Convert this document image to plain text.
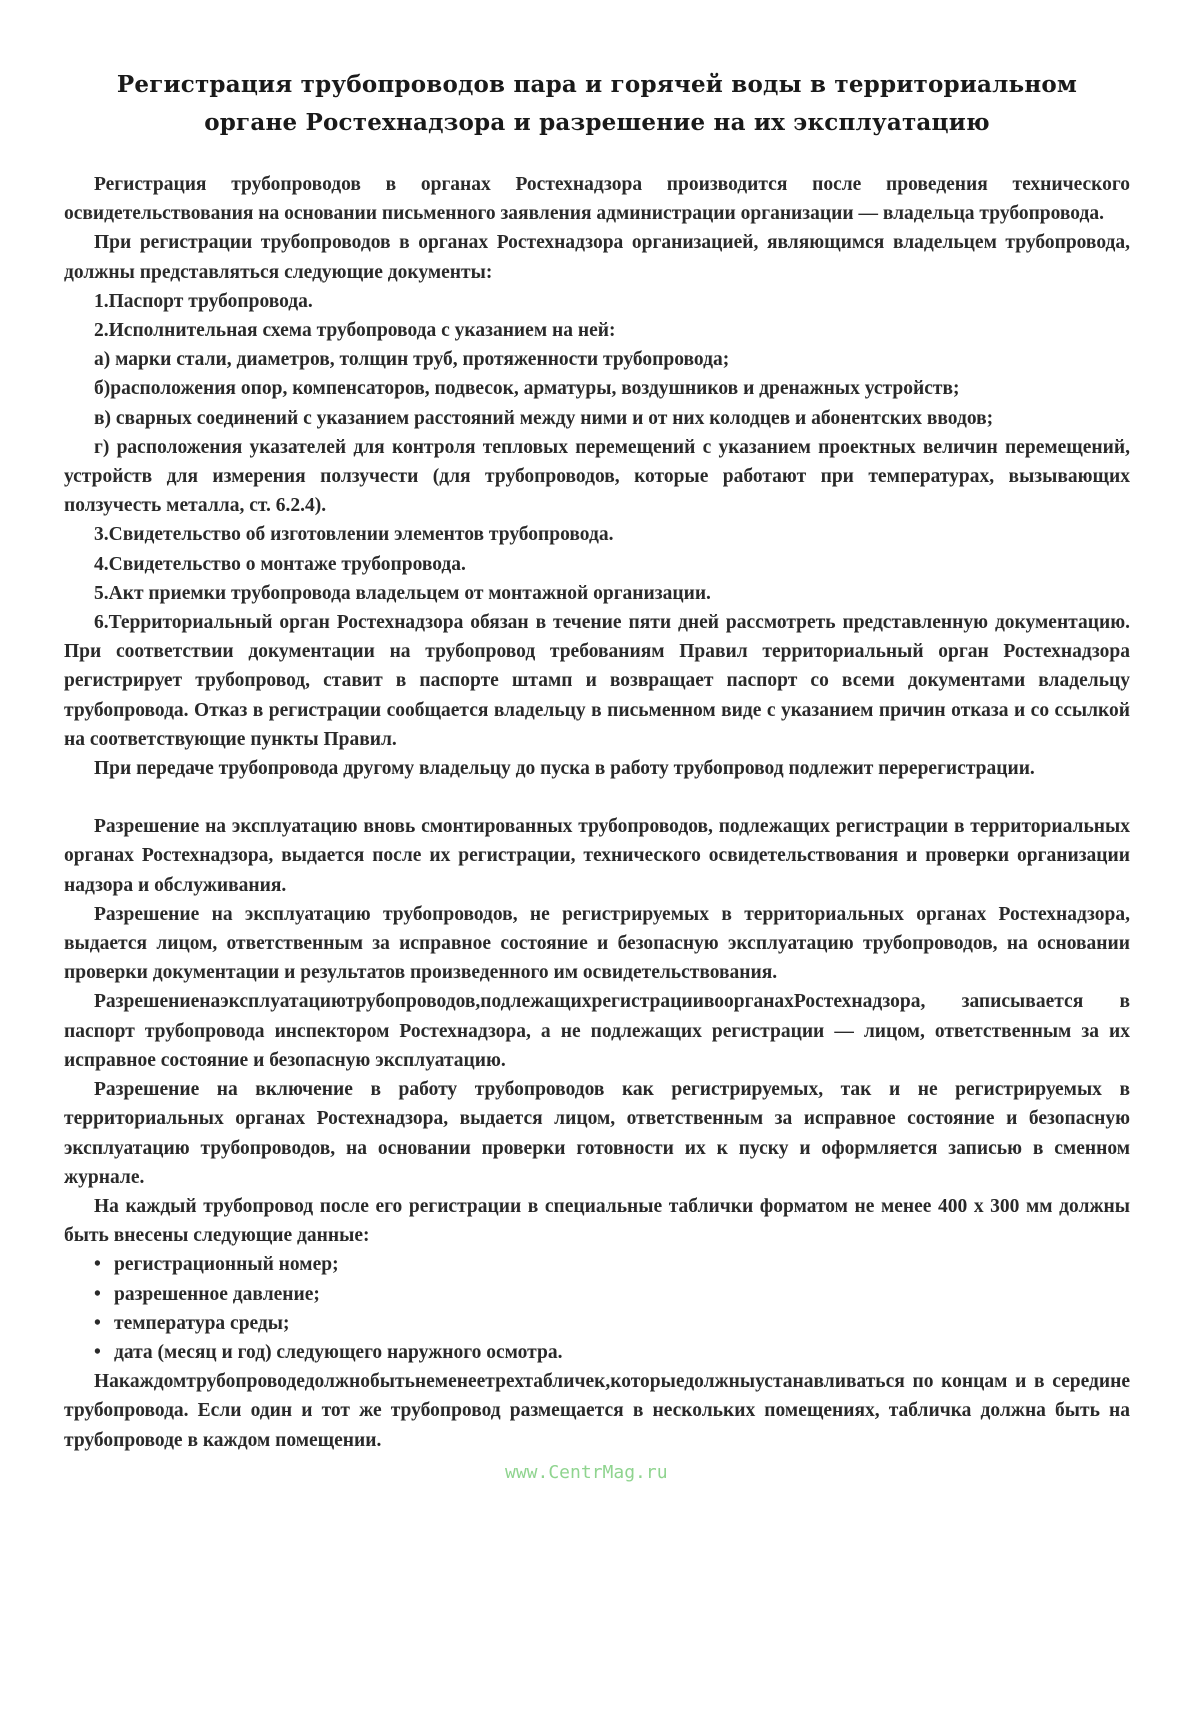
Регистрация трубопроводов пара и горячей воды в территориальном
органе Ростехнадзора и разрешение на их эксплуатацию

Регистрация трубопроводов в органах Ростехнадзора производится после проведения технического освидетельствования на основании письменного заявления администрации организации — владельца трубопровода.

При регистрации трубопроводов в органах Ростехнадзора организацией, являющимся владельцем трубопровода, должны представляться следующие документы:

1.Паспорт трубопровода.

2.Исполнительная схема трубопровода с указанием на ней:

а) марки стали, диаметров, толщин труб, протяженности трубопровода;

б)расположения опор, компенсаторов, подвесок, арматуры, воздушников и дренажных устройств;

в) сварных соединений с указанием расстояний между ними и от них колодцев и абонентских вводов;

г) расположения указателей для контроля тепловых перемещений с указанием проектных величин перемещений, устройств для измерения ползучести (для трубопроводов, которые работают при температурах, вызывающих ползучесть металла, ст. 6.2.4).

3.Свидетельство об изготовлении элементов трубопровода.

4.Свидетельство о монтаже трубопровода.

5.Акт приемки трубопровода владельцем от монтажной организации.

6.Территориальный орган Ростехнадзора обязан в течение пяти дней рассмотреть представленную документацию. При соответствии документации на трубопровод требованиям Правил территориальный орган Ростехнадзора регистрирует трубопровод, ставит в паспорте штамп и возвращает паспорт со всеми документами владельцу трубопровода. Отказ в регистрации сообщается владельцу в письменном виде с указанием причин отказа и со ссылкой на соответствующие пункты Правил.

При передаче трубопровода другому владельцу до пуска в работу трубопровод подлежит перерегистрации.

Разрешение на эксплуатацию вновь смонтированных трубопроводов, подлежащих регистрации в территориальных органах Ростехнадзора, выдается после их регистрации, технического освидетельствования и проверки организации надзора и обслуживания.

Разрешение на эксплуатацию трубопроводов, не регистрируемых в территориальных органах Ростехнадзора, выдается лицом, ответственным за исправное состояние и безопасную эксплуатацию трубопроводов, на основании проверки документации и результатов произведенного им освидетельствования.

Разрешениенаэксплуатациютрубопроводов,подлежащихрегистрациивоорганахРостехнадзора, записывается в паспорт трубопровода инспектором Ростехнадзора, а не подлежащих регистрации — лицом, ответственным за их исправное состояние и безопасную эксплуатацию.

Разрешение на включение в работу трубопроводов как регистрируемых, так и не регистрируемых в территориальных органах Ростехнадзора, выдается лицом, ответственным за исправное состояние и безопасную эксплуатацию трубопроводов, на основании проверки готовности их к пуску и оформляется записью в сменном журнале.

На каждый трубопровод после его регистрации в специальные таблички форматом не менее 400 х 300 мм должны быть внесены следующие данные:

• регистрационный номер;

• разрешенное давление;

• температура среды;

• дата (месяц и год) следующего наружного осмотра.

Накаждомтрубопроводедолжнобытьнеменеетрехтабличек,которыедолжныустанавливаться по концам и в середине трубопровода. Если один и тот же трубопровод размещается в нескольких помещениях, табличка должна быть на трубопроводе в каждом помещении.

www.CentrMag.ru
